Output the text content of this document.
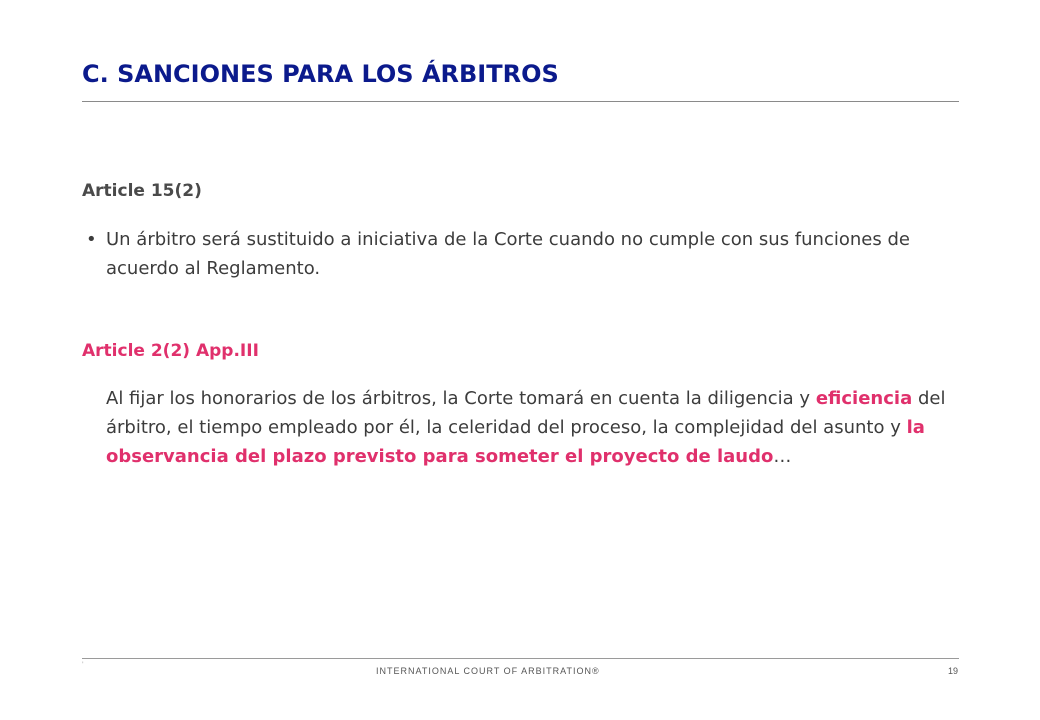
C. SANCIONES PARA LOS ÁRBITROS
Article 15(2)

• Un árbitro será sustituido a iniciativa de la Corte cuando no cumple con sus funciones de acuerdo al Reglamento.

Article 2(2) App.III

Al fijar los honorarios de los árbitros, la Corte tomará en cuenta la diligencia y eficiencia del árbitro, el tiempo empleado por él, la celeridad del proceso, la complejidad del asunto y la observancia del plazo previsto para someter el proyecto de laudo…

'
INTERNATIONAL COURT OF ARBITRATION®	19
